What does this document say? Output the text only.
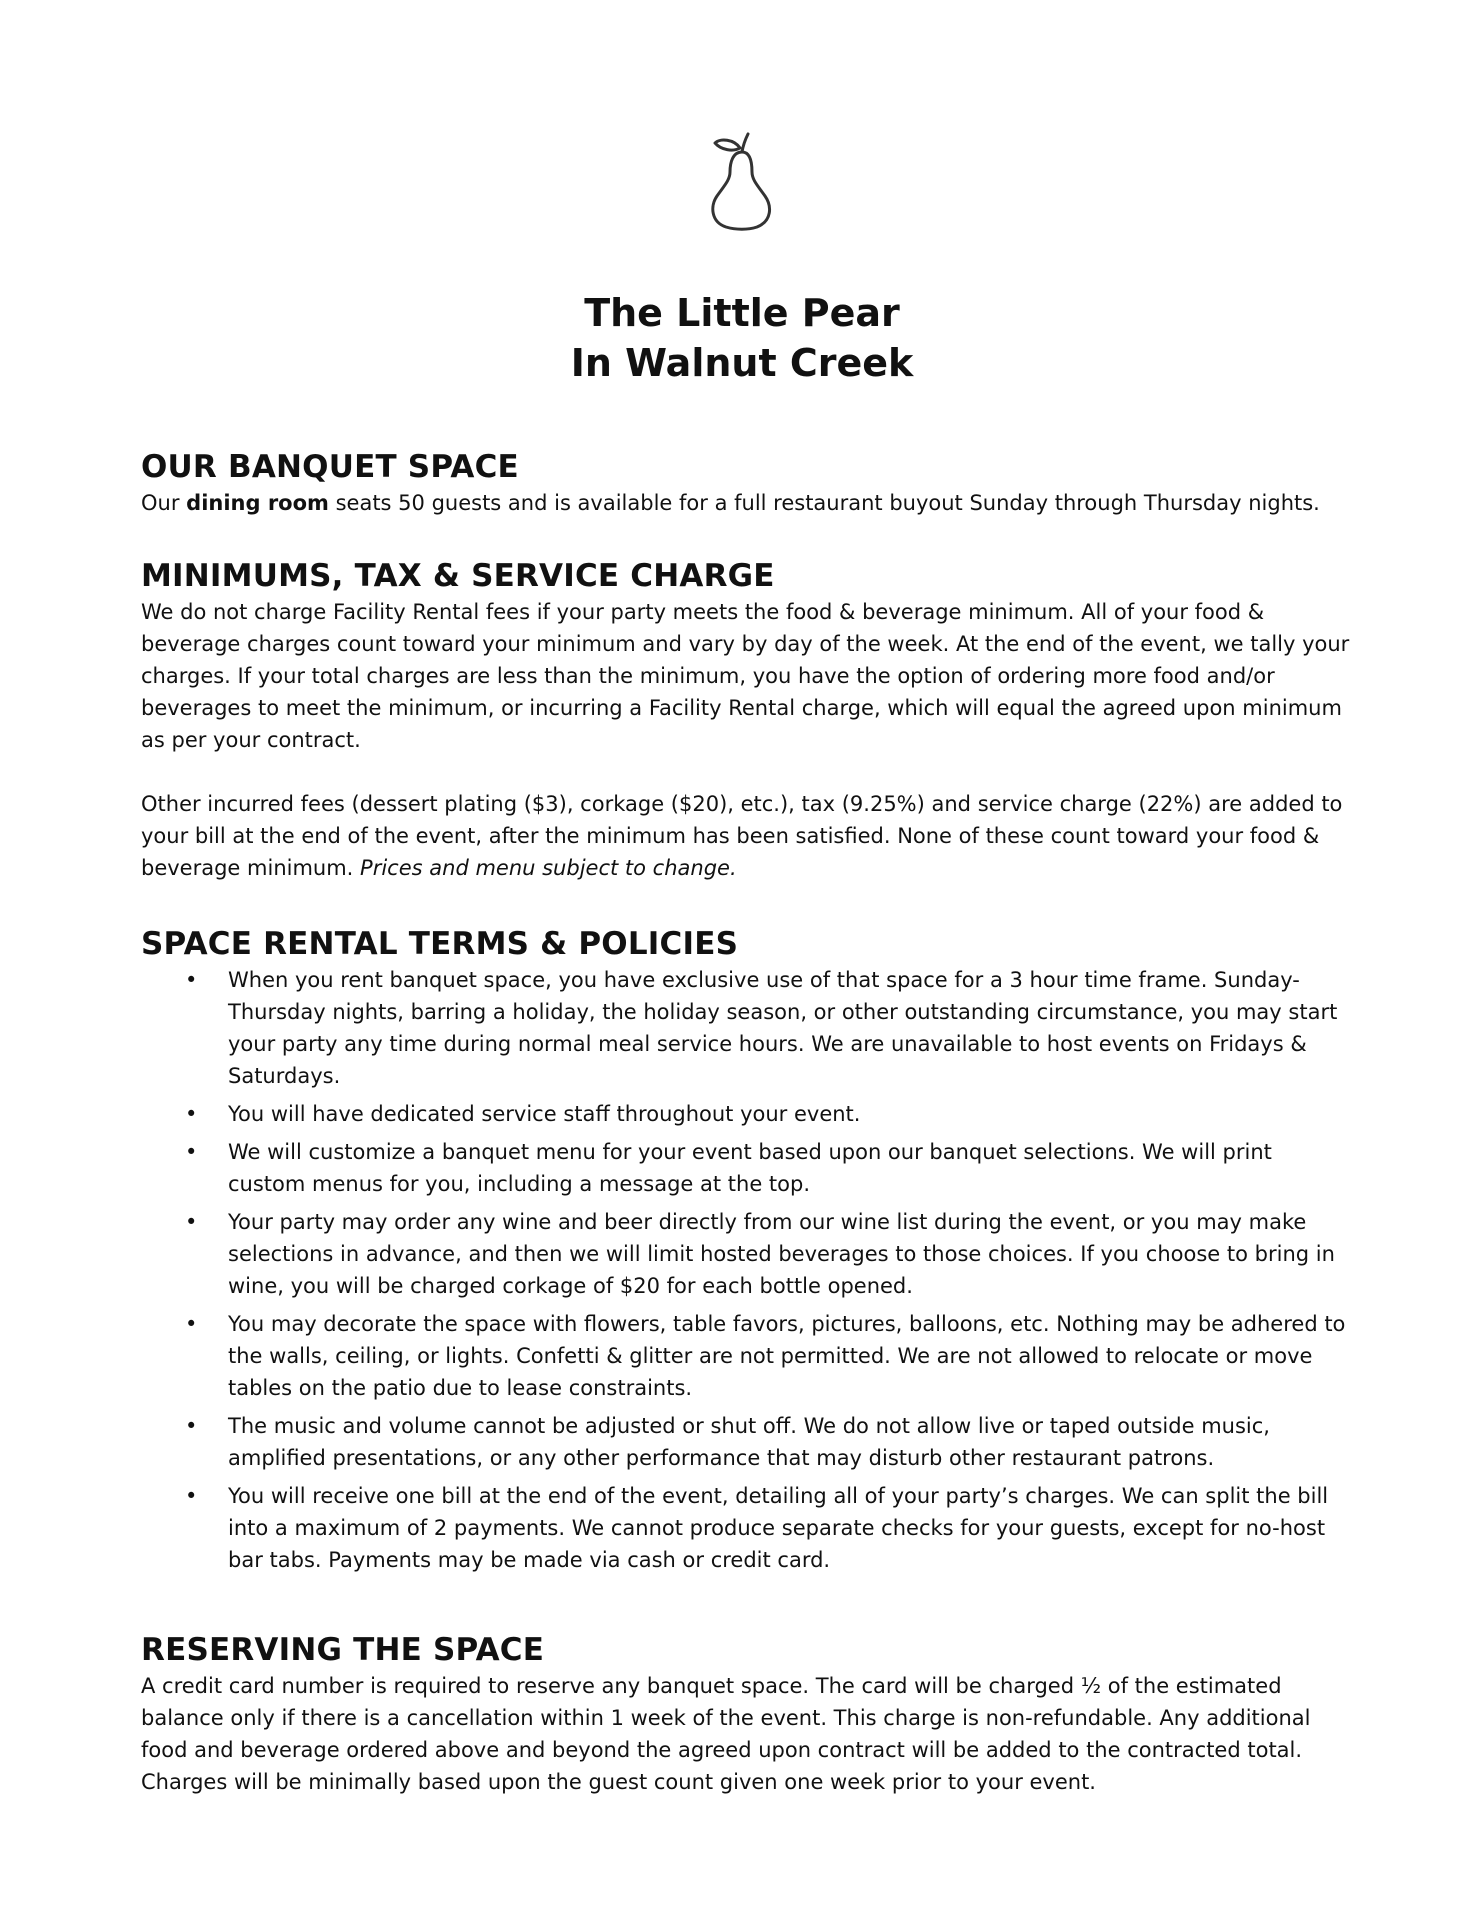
The Little Pear
In Walnut Creek
OUR BANQUET SPACE

Our dining room seats 50 guests and is available for a full restaurant buyout Sunday through Thursday nights.

MINIMUMS, TAX & SERVICE CHARGE

We do not charge Facility Rental fees if your party meets the food & beverage minimum. All of your food & beverage charges count toward your minimum and vary by day of the week. At the end of the event, we tally your charges. If your total charges are less than the minimum, you have the option of ordering more food and/or beverages to meet the minimum, or incurring a Facility Rental charge, which will equal the agreed upon minimum as per your contract.

Other incurred fees (dessert plating ($3), corkage ($20), etc.), tax (9.25%) and service charge (22%) are added to your bill at the end of the event, after the minimum has been satisfied. None of these count toward your food & beverage minimum. Prices and menu subject to change.

SPACE RENTAL TERMS & POLICIES
• When you rent banquet space, you have exclusive use of that space for a 3 hour time frame. Sunday-Thursday nights, barring a holiday, the holiday season, or other outstanding circumstance, you may start your party any time during normal meal service hours. We are unavailable to host events on Fridays & Saturdays.
• You will have dedicated service staff throughout your event.
• We will customize a banquet menu for your event based upon our banquet selections. We will print custom menus for you, including a message at the top.
• Your party may order any wine and beer directly from our wine list during the event, or you may make selections in advance, and then we will limit hosted beverages to those choices. If you choose to bring in wine, you will be charged corkage of $20 for each bottle opened.
• You may decorate the space with flowers, table favors, pictures, balloons, etc. Nothing may be adhered to the walls, ceiling, or lights. Confetti & glitter are not permitted. We are not allowed to relocate or move tables on the patio due to lease constraints.
• The music and volume cannot be adjusted or shut off. We do not allow live or taped outside music, amplified presentations, or any other performance that may disturb other restaurant patrons.
• You will receive one bill at the end of the event, detailing all of your party’s charges. We can split the bill into a maximum of 2 payments. We cannot produce separate checks for your guests, except for no-host bar tabs. Payments may be made via cash or credit card.
RESERVING THE SPACE

A credit card number is required to reserve any banquet space. The card will be charged ½ of the estimated balance only if there is a cancellation within 1 week of the event. This charge is non-refundable. Any additional food and beverage ordered above and beyond the agreed upon contract will be added to the contracted total. Charges will be minimally based upon the guest count given one week prior to your event.
